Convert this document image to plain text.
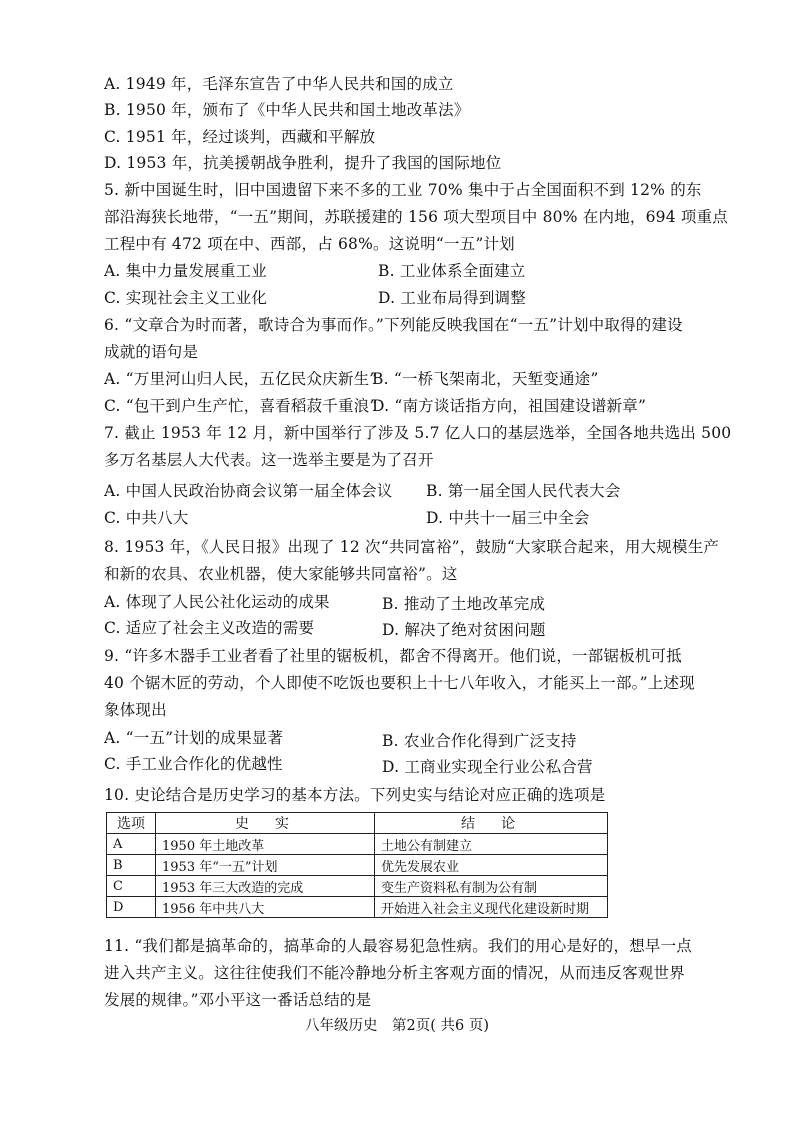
A. 1949 年，毛泽东宣告了中华人民共和国的成立
B. 1950 年，颁布了《中华人民共和国土地改革法》
C. 1951 年，经过谈判，西藏和平解放
D. 1953 年，抗美援朝战争胜利，提升了我国的国际地位
5. 新中国诞生时，旧中国遗留下来不多的工业 70% 集中于占全国面积不到 12% 的东
部沿海狭长地带，“一五”期间，苏联援建的 156 项大型项目中 80% 在内地，694 项重点
工程中有 472 项在中、西部，占 68%。这说明“一五”计划
A. 集中力量发展重工业	B. 工业体系全面建立
C. 实现社会主义工业化	D. 工业布局得到调整
6. “文章合为时而著，歌诗合为事而作。”下列能反映我国在“一五”计划中取得的建设
成就的语句是
A. “万里河山归人民，五亿民众庆新生”
B. “一桥飞架南北，天堑变通途”
C. “包干到户生产忙，喜看稻菽千重浪”
D. “南方谈话指方向，祖国建设谱新章”
7. 截止 1953 年 12 月，新中国举行了涉及 5.7 亿人口的基层选举，全国各地共选出 500
多万名基层人大代表。这一选举主要是为了召开
A. 中国人民政治协商会议第一届全体会议 B. 第一届全国人民代表大会
C. 中共八大	D. 中共十一届三中全会
8. 1953 年，《人民日报》出现了 12 次“共同富裕”，鼓励“大家联合起来，用大规模生产
和新的农具、农业机器，使大家能够共同富裕”。这
A. 体现了人民公社化运动的成果	B. 推动了土地改革完成
C. 适应了社会主义改造的需要	D. 解决了绝对贫困问题
9. “许多木器手工业者看了社里的锯板机，都舍不得离开。他们说，一部锯板机可抵
40 个锯木匠的劳动，个人即使不吃饭也要积上十七八年收入，才能买上一部。”上述现
象体现出
A. “一五”计划的成果显著	B. 农业合作化得到广泛支持
C. 手工业合作化的优越性	D. 工商业实现全行业公私合营
10. 史论结合是历史学习的基本方法。下列史实与结论对应正确的选项是
选项	史　实	结　论
A	1950 年土地改革	土地公有制建立
B	1953 年“一五”计划	优先发展农业
C	1953 年三大改造的完成	变生产资料私有制为公有制
D	1956 年中共八大	开始进入社会主义现代化建设新时期
11. “我们都是搞革命的，搞革命的人最容易犯急性病。我们的用心是好的，想早一点
进入共产主义。这往往使我们不能冷静地分析主客观方面的情况，从而违反客观世界
发展的规律。”邓小平这一番话总结的是
八年级历史　第2页( 共6 页)
